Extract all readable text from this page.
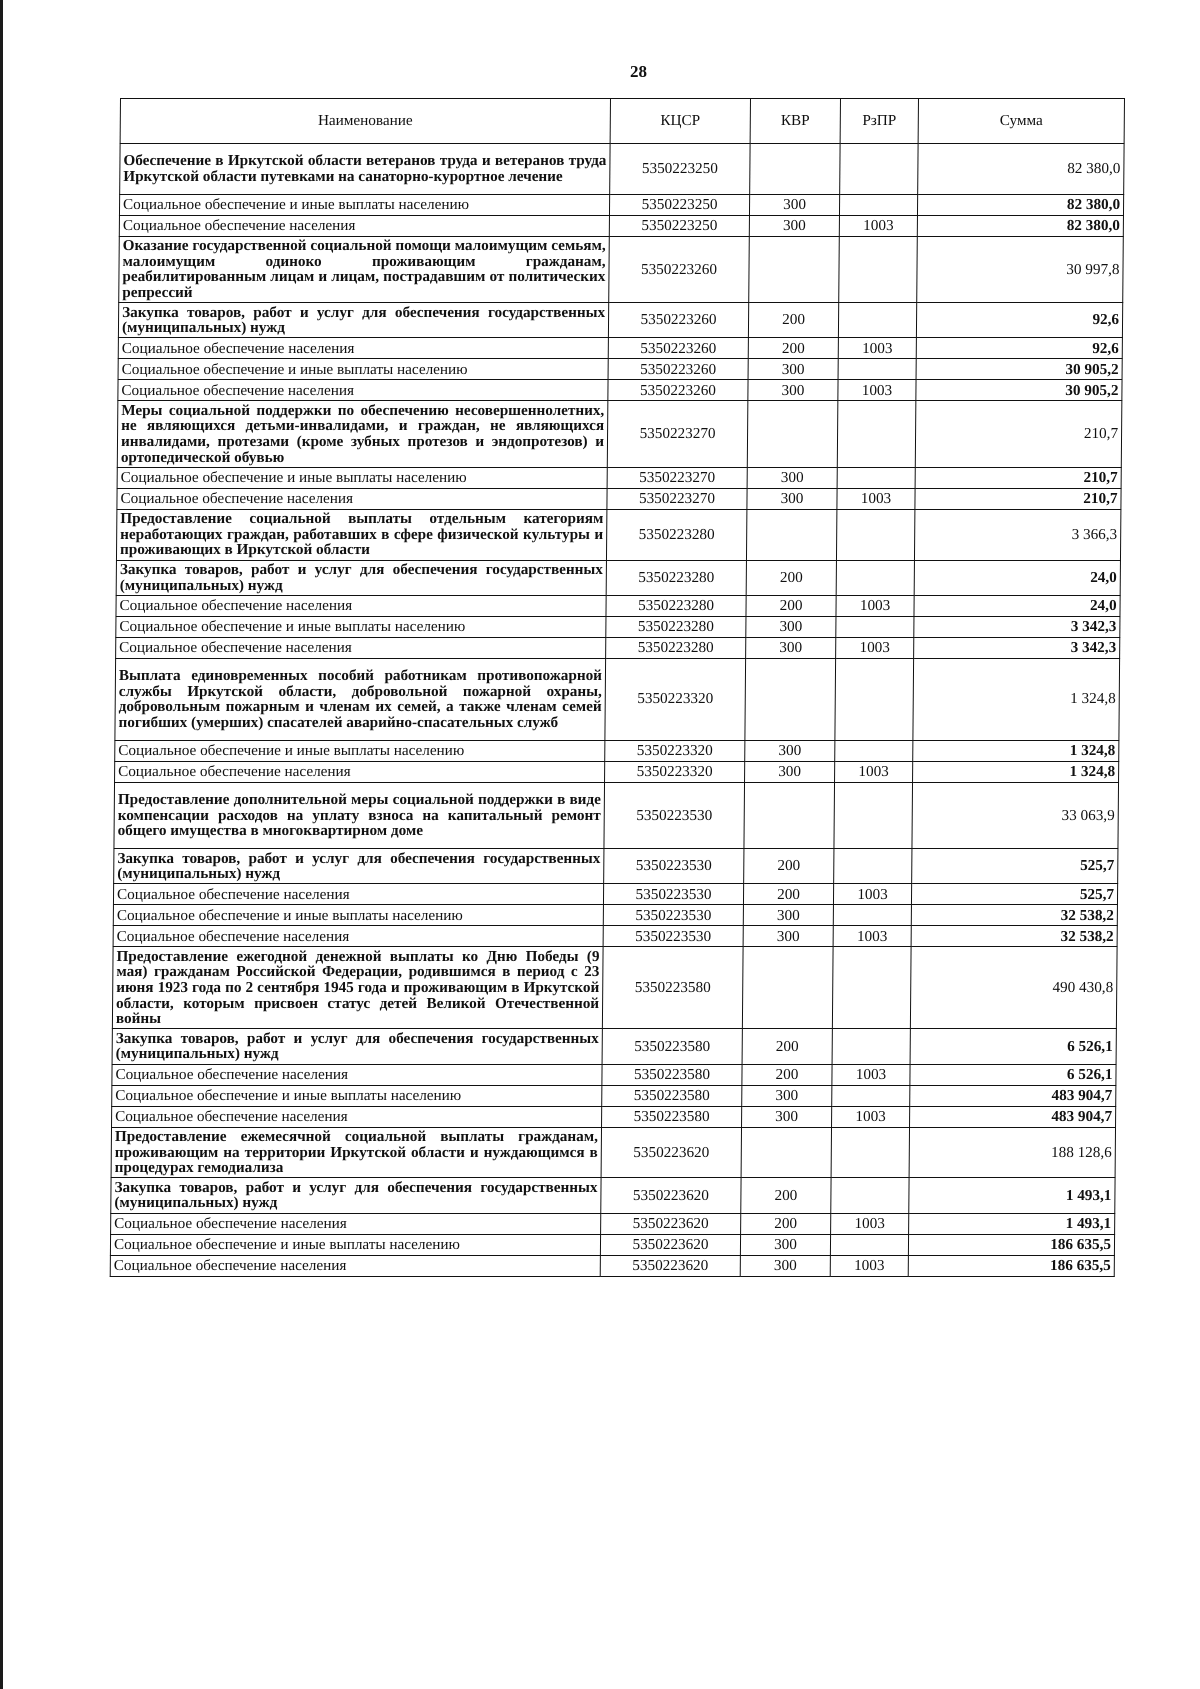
28
Наименование	КЦСР	КВР	РзПР	Сумма
Обеспечение в Иркутской области ветеранов труда и ветеранов труда Иркутской области путевками на санаторно-курортное лечение	5350223250			82 380,0
Социальное обеспечение и иные выплаты населению	5350223250	300		82 380,0
Социальное обеспечение населения	5350223250	300	1003	82 380,0
Оказание государственной социальной помощи малоимущим семьям, малоимущим одиноко проживающим гражданам, реабилитированным лицам и лицам, пострадавшим от политических репрессий	5350223260			30 997,8
Закупка товаров, работ и услуг для обеспечения государственных (муниципальных) нужд	5350223260	200		92,6
Социальное обеспечение населения	5350223260	200	1003	92,6
Социальное обеспечение и иные выплаты населению	5350223260	300		30 905,2
Социальное обеспечение населения	5350223260	300	1003	30 905,2
Меры социальной поддержки по обеспечению несовершеннолетних, не являющихся детьми-инвалидами, и граждан, не являющихся инвалидами, протезами (кроме зубных протезов и эндопротезов) и ортопедической обувью	5350223270			210,7
Социальное обеспечение и иные выплаты населению	5350223270	300		210,7
Социальное обеспечение населения	5350223270	300	1003	210,7
Предоставление социальной выплаты отдельным категориям неработающих граждан, работавших в сфере физической культуры и проживающих в Иркутской области	5350223280			3 366,3
Закупка товаров, работ и услуг для обеспечения государственных (муниципальных) нужд	5350223280	200		24,0
Социальное обеспечение населения	5350223280	200	1003	24,0
Социальное обеспечение и иные выплаты населению	5350223280	300		3 342,3
Социальное обеспечение населения	5350223280	300	1003	3 342,3
Выплата единовременных пособий работникам противопожарной службы Иркутской области, добровольной пожарной охраны, добровольным пожарным и членам их семей, а также членам семей погибших (умерших) спасателей аварийно-спасательных служб	5350223320			1 324,8
Социальное обеспечение и иные выплаты населению	5350223320	300		1 324,8
Социальное обеспечение населения	5350223320	300	1003	1 324,8
Предоставление дополнительной меры социальной поддержки в виде компенсации расходов на уплату взноса на капитальный ремонт общего имущества в многоквартирном доме	5350223530			33 063,9
Закупка товаров, работ и услуг для обеспечения государственных (муниципальных) нужд	5350223530	200		525,7
Социальное обеспечение населения	5350223530	200	1003	525,7
Социальное обеспечение и иные выплаты населению	5350223530	300		32 538,2
Социальное обеспечение населения	5350223530	300	1003	32 538,2
Предоставление ежегодной денежной выплаты ко Дню Победы (9 мая) гражданам Российской Федерации, родившимся в период с 23 июня 1923 года по 2 сентября 1945 года и проживающим в Иркутской области, которым присвоен статус детей Великой Отечественной войны	5350223580			490 430,8
Закупка товаров, работ и услуг для обеспечения государственных (муниципальных) нужд	5350223580	200		6 526,1
Социальное обеспечение населения	5350223580	200	1003	6 526,1
Социальное обеспечение и иные выплаты населению	5350223580	300		483 904,7
Социальное обеспечение населения	5350223580	300	1003	483 904,7
Предоставление ежемесячной социальной выплаты гражданам, проживающим на территории Иркутской области и нуждающимся в процедурах гемодиализа	5350223620			188 128,6
Закупка товаров, работ и услуг для обеспечения государственных (муниципальных) нужд	5350223620	200		1 493,1
Социальное обеспечение населения	5350223620	200	1003	1 493,1
Социальное обеспечение и иные выплаты населению	5350223620	300		186 635,5
Социальное обеспечение населения	5350223620	300	1003	186 635,5
